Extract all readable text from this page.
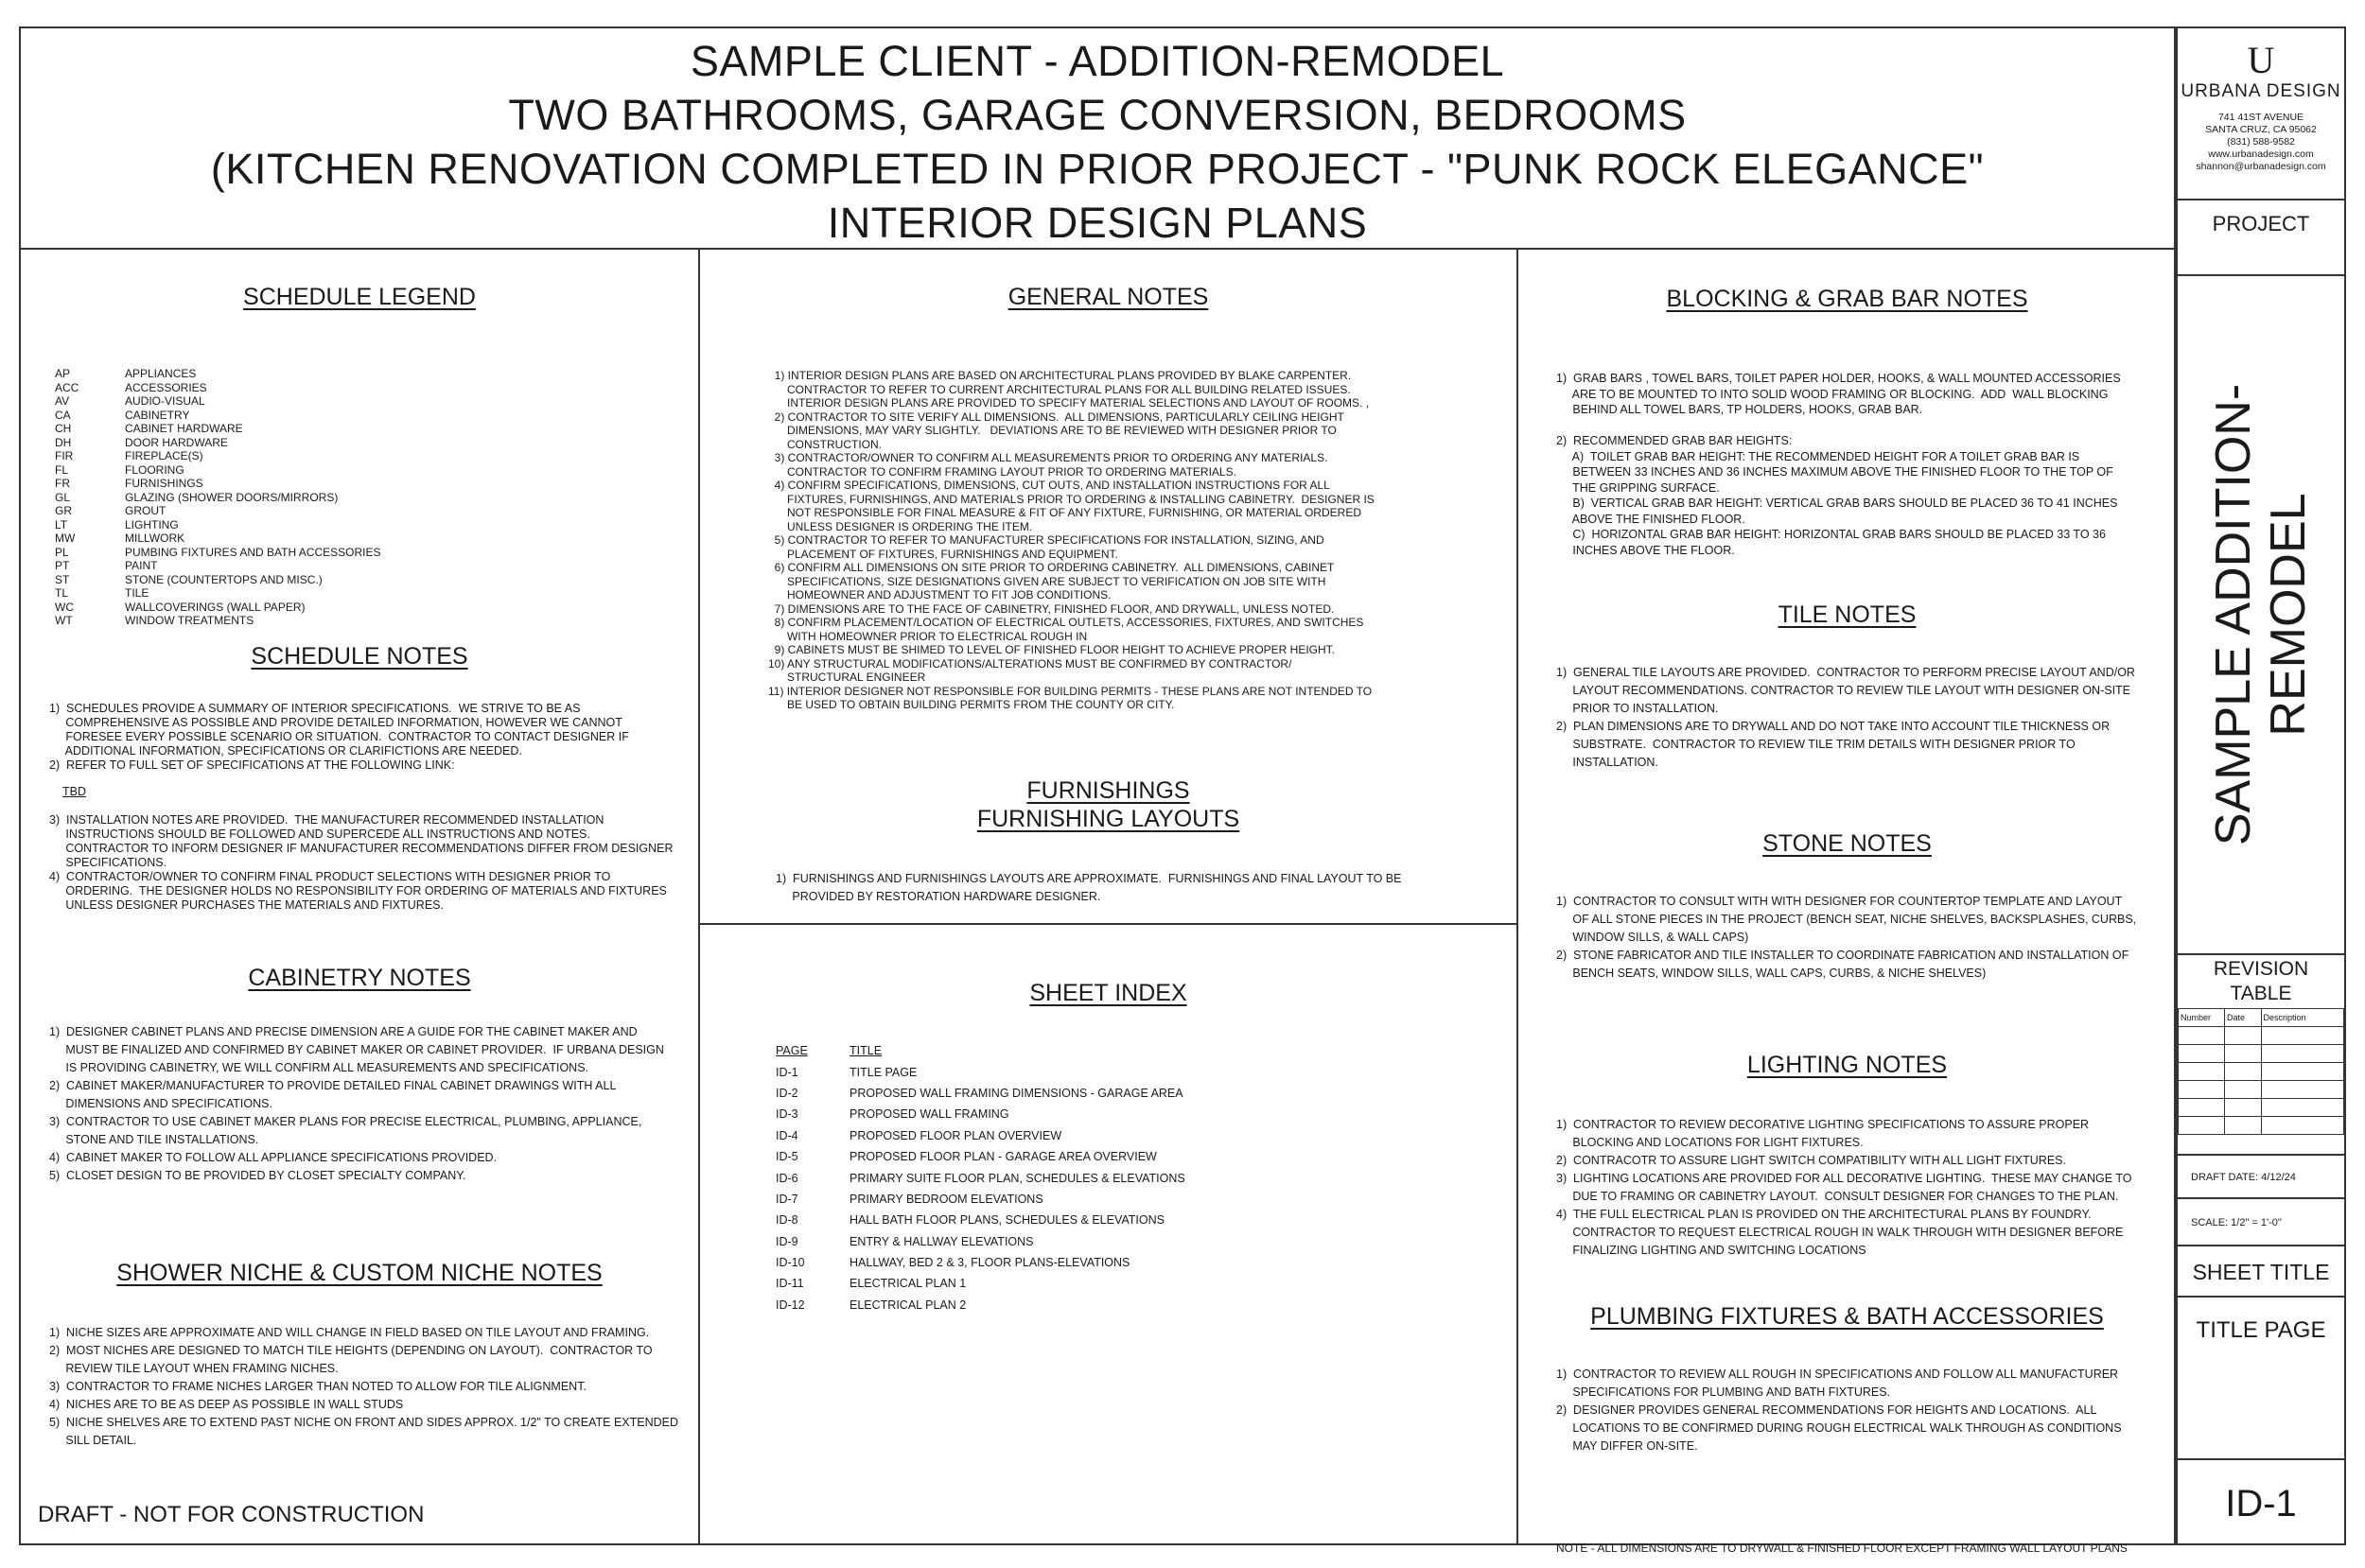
SAMPLE CLIENT - ADDITION-REMODEL
TWO BATHROOMS, GARAGE CONVERSION, BEDROOMS
(KITCHEN RENOVATION COMPLETED IN PRIOR PROJECT - "PUNK ROCK ELEGANCE"
INTERIOR DESIGN PLANS
SCHEDULE LEGEND
AP	APPLIANCES
ACC	ACCESSORIES
AV	AUDIO-VISUAL
CA	CABINETRY
CH	CABINET HARDWARE
DH	DOOR HARDWARE
FIR	FIREPLACE(S)
FL	FLOORING
FR	FURNISHINGS
GL	GLAZING (SHOWER DOORS/MIRRORS)
GR	GROUT
LT	LIGHTING
MW	MILLWORK
PL	PUMBING FIXTURES AND BATH ACCESSORIES
PT	PAINT
ST	STONE (COUNTERTOPS AND MISC.)
TL	TILE
WC	WALLCOVERINGS (WALL PAPER)
WT	WINDOW TREATMENTS
SCHEDULE NOTES
1)  SCHEDULES PROVIDE A SUMMARY OF INTERIOR SPECIFICATIONS.  WE STRIVE TO BE AS
COMPREHENSIVE AS POSSIBLE AND PROVIDE DETAILED INFORMATION, HOWEVER WE CANNOT
FORESEE EVERY POSSIBLE SCENARIO OR SITUATION.  CONTRACTOR TO CONTACT DESIGNER IF
ADDITIONAL INFORMATION, SPECIFICATIONS OR CLARIFICTIONS ARE NEEDED.
2)  REFER TO FULL SET OF SPECIFICATIONS AT THE FOLLOWING LINK:
TBD
3)  INSTALLATION NOTES ARE PROVIDED.  THE MANUFACTURER RECOMMENDED INSTALLATION
INSTRUCTIONS SHOULD BE FOLLOWED AND SUPERCEDE ALL INSTRUCTIONS AND NOTES.
CONTRACTOR TO INFORM DESIGNER IF MANUFACTURER RECOMMENDATIONS DIFFER FROM DESIGNER
SPECIFICATIONS.
4)  CONTRACTOR/OWNER TO CONFIRM FINAL PRODUCT SELECTIONS WITH DESIGNER PRIOR TO
ORDERING.  THE DESIGNER HOLDS NO RESPONSIBILITY FOR ORDERING OF MATERIALS AND FIXTURES
UNLESS DESIGNER PURCHASES THE MATERIALS AND FIXTURES.
CABINETRY NOTES
1)  DESIGNER CABINET PLANS AND PRECISE DIMENSION ARE A GUIDE FOR THE CABINET MAKER AND
MUST BE FINALIZED AND CONFIRMED BY CABINET MAKER OR CABINET PROVIDER.  IF URBANA DESIGN
IS PROVIDING CABINETRY, WE WILL CONFIRM ALL MEASUREMENTS AND SPECIFICATIONS.
2)  CABINET MAKER/MANUFACTURER TO PROVIDE DETAILED FINAL CABINET DRAWINGS WITH ALL
DIMENSIONS AND SPECIFICATIONS.
3)  CONTRACTOR TO USE CABINET MAKER PLANS FOR PRECISE ELECTRICAL, PLUMBING, APPLIANCE,
STONE AND TILE INSTALLATIONS.
4)  CABINET MAKER TO FOLLOW ALL APPLIANCE SPECIFICATIONS PROVIDED.
5)  CLOSET DESIGN TO BE PROVIDED BY CLOSET SPECIALTY COMPANY.
SHOWER NICHE & CUSTOM NICHE NOTES
1)  NICHE SIZES ARE APPROXIMATE AND WILL CHANGE IN FIELD BASED ON TILE LAYOUT AND FRAMING.
2)  MOST NICHES ARE DESIGNED TO MATCH TILE HEIGHTS (DEPENDING ON LAYOUT).  CONTRACTOR TO
REVIEW TILE LAYOUT WHEN FRAMING NICHES.
3)  CONTRACTOR TO FRAME NICHES LARGER THAN NOTED TO ALLOW FOR TILE ALIGNMENT.
4)  NICHES ARE TO BE AS DEEP AS POSSIBLE IN WALL STUDS
5)  NICHE SHELVES ARE TO EXTEND PAST NICHE ON FRONT AND SIDES APPROX. 1/2" TO CREATE EXTENDED
SILL DETAIL.
DRAFT - NOT FOR CONSTRUCTION
GENERAL NOTES
1) INTERIOR DESIGN PLANS ARE BASED ON ARCHITECTURAL PLANS PROVIDED BY BLAKE CARPENTER.
CONTRACTOR TO REFER TO CURRENT ARCHITECTURAL PLANS FOR ALL BUILDING RELATED ISSUES.
INTERIOR DESIGN PLANS ARE PROVIDED TO SPECIFY MATERIAL SELECTIONS AND LAYOUT OF ROOMS. ,
2) CONTRACTOR TO SITE VERIFY ALL DIMENSIONS.  ALL DIMENSIONS, PARTICULARLY CEILING HEIGHT
DIMENSIONS, MAY VARY SLIGHTLY.   DEVIATIONS ARE TO BE REVIEWED WITH DESIGNER PRIOR TO
CONSTRUCTION.
3) CONTRACTOR/OWNER TO CONFIRM ALL MEASUREMENTS PRIOR TO ORDERING ANY MATERIALS.
CONTRACTOR TO CONFIRM FRAMING LAYOUT PRIOR TO ORDERING MATERIALS.
4) CONFIRM SPECIFICATIONS, DIMENSIONS, CUT OUTS, AND INSTALLATION INSTRUCTIONS FOR ALL
FIXTURES, FURNISHINGS, AND MATERIALS PRIOR TO ORDERING & INSTALLING CABINETRY.  DESIGNER IS
NOT RESPONSIBLE FOR FINAL MEASURE & FIT OF ANY FIXTURE, FURNISHING, OR MATERIAL ORDERED
UNLESS DESIGNER IS ORDERING THE ITEM.
5) CONTRACTOR TO REFER TO MANUFACTURER SPECIFICATIONS FOR INSTALLATION, SIZING, AND
PLACEMENT OF FIXTURES, FURNISHINGS AND EQUIPMENT.
6) CONFIRM ALL DIMENSIONS ON SITE PRIOR TO ORDERING CABINETRY.  ALL DIMENSIONS, CABINET
SPECIFICATIONS, SIZE DESIGNATIONS GIVEN ARE SUBJECT TO VERIFICATION ON JOB SITE WITH
HOMEOWNER AND ADJUSTMENT TO FIT JOB CONDITIONS.
7) DIMENSIONS ARE TO THE FACE OF CABINETRY, FINISHED FLOOR, AND DRYWALL, UNLESS NOTED.
8) CONFIRM PLACEMENT/LOCATION OF ELECTRICAL OUTLETS, ACCESSORIES, FIXTURES, AND SWITCHES
WITH HOMEOWNER PRIOR TO ELECTRICAL ROUGH IN
9) CABINETS MUST BE SHIMED TO LEVEL OF FINISHED FLOOR HEIGHT TO ACHIEVE PROPER HEIGHT.
10) ANY STRUCTURAL MODIFICATIONS/ALTERATIONS MUST BE CONFIRMED BY CONTRACTOR/
STRUCTURAL ENGINEER
11) INTERIOR DESIGNER NOT RESPONSIBLE FOR BUILDING PERMITS - THESE PLANS ARE NOT INTENDED TO
BE USED TO OBTAIN BUILDING PERMITS FROM THE COUNTY OR CITY.
FURNISHINGS
FURNISHING LAYOUTS
1)  FURNISHINGS AND FURNISHINGS LAYOUTS ARE APPROXIMATE.  FURNISHINGS AND FINAL LAYOUT TO BE
PROVIDED BY RESTORATION HARDWARE DESIGNER.
SHEET INDEX
PAGE	TITLE
ID-1	TITLE PAGE
ID-2	PROPOSED WALL FRAMING DIMENSIONS - GARAGE AREA
ID-3	PROPOSED WALL FRAMING
ID-4	PROPOSED FLOOR PLAN OVERVIEW
ID-5	PROPOSED FLOOR PLAN - GARAGE AREA OVERVIEW
ID-6	PRIMARY SUITE FLOOR PLAN, SCHEDULES & ELEVATIONS
ID-7	PRIMARY BEDROOM ELEVATIONS
ID-8	HALL BATH FLOOR PLANS, SCHEDULES & ELEVATIONS
ID-9	ENTRY & HALLWAY ELEVATIONS
ID-10	HALLWAY, BED 2 & 3, FLOOR PLANS-ELEVATIONS
ID-11	ELECTRICAL PLAN 1
ID-12	ELECTRICAL PLAN 2
BLOCKING & GRAB BAR NOTES
1)  GRAB BARS , TOWEL BARS, TOILET PAPER HOLDER, HOOKS, & WALL MOUNTED ACCESSORIES
ARE TO BE MOUNTED TO INTO SOLID WOOD FRAMING OR BLOCKING.  ADD  WALL BLOCKING
BEHIND ALL TOWEL BARS, TP HOLDERS, HOOKS, GRAB BAR.

2)  RECOMMENDED GRAB BAR HEIGHTS:
A)  TOILET GRAB BAR HEIGHT: THE RECOMMENDED HEIGHT FOR A TOILET GRAB BAR IS
BETWEEN 33 INCHES AND 36 INCHES MAXIMUM ABOVE THE FINISHED FLOOR TO THE TOP OF
THE GRIPPING SURFACE.
B)  VERTICAL GRAB BAR HEIGHT: VERTICAL GRAB BARS SHOULD BE PLACED 36 TO 41 INCHES
ABOVE THE FINISHED FLOOR.
C)  HORIZONTAL GRAB BAR HEIGHT: HORIZONTAL GRAB BARS SHOULD BE PLACED 33 TO 36
INCHES ABOVE THE FLOOR.
TILE NOTES
1)  GENERAL TILE LAYOUTS ARE PROVIDED.  CONTRACTOR TO PERFORM PRECISE LAYOUT AND/OR
LAYOUT RECOMMENDATIONS. CONTRACTOR TO REVIEW TILE LAYOUT WITH DESIGNER ON-SITE
PRIOR TO INSTALLATION.
2)  PLAN DIMENSIONS ARE TO DRYWALL AND DO NOT TAKE INTO ACCOUNT TILE THICKNESS OR
SUBSTRATE.  CONTRACTOR TO REVIEW TILE TRIM DETAILS WITH DESIGNER PRIOR TO
INSTALLATION.
STONE NOTES
1)  CONTRACTOR TO CONSULT WITH WITH DESIGNER FOR COUNTERTOP TEMPLATE AND LAYOUT
OF ALL STONE PIECES IN THE PROJECT (BENCH SEAT, NICHE SHELVES, BACKSPLASHES, CURBS,
WINDOW SILLS, & WALL CAPS)
2)  STONE FABRICATOR AND TILE INSTALLER TO COORDINATE FABRICATION AND INSTALLATION OF
BENCH SEATS, WINDOW SILLS, WALL CAPS, CURBS, & NICHE SHELVES)
LIGHTING NOTES
1)  CONTRACTOR TO REVIEW DECORATIVE LIGHTING SPECIFICATIONS TO ASSURE PROPER
BLOCKING AND LOCATIONS FOR LIGHT FIXTURES.
2)  CONTRACOTR TO ASSURE LIGHT SWITCH COMPATIBILITY WITH ALL LIGHT FIXTURES.
3)  LIGHTING LOCATIONS ARE PROVIDED FOR ALL DECORATIVE LIGHTING.  THESE MAY CHANGE TO
DUE TO FRAMING OR CABINETRY LAYOUT.  CONSULT DESIGNER FOR CHANGES TO THE PLAN.
4)  THE FULL ELECTRICAL PLAN IS PROVIDED ON THE ARCHITECTURAL PLANS BY FOUNDRY.
CONTRACTOR TO REQUEST ELECTRICAL ROUGH IN WALK THROUGH WITH DESIGNER BEFORE
FINALIZING LIGHTING AND SWITCHING LOCATIONS
PLUMBING FIXTURES & BATH ACCESSORIES
1)  CONTRACTOR TO REVIEW ALL ROUGH IN SPECIFICATIONS AND FOLLOW ALL MANUFACTURER
SPECIFICATIONS FOR PLUMBING AND BATH FIXTURES.
2)  DESIGNER PROVIDES GENERAL RECOMMENDATIONS FOR HEIGHTS AND LOCATIONS.  ALL
LOCATIONS TO BE CONFIRMED DURING ROUGH ELECTRICAL WALK THROUGH AS CONDITIONS
MAY DIFFER ON-SITE.
NOTE - ALL DIMENSIONS ARE TO DRYWALL & FINISHED FLOOR EXCEPT FRAMING WALL LAYOUT PLANS
U
URBANA DESIGN
741 41ST AVENUE
SANTA CRUZ, CA 95062
(831) 588-9582
www.urbanadesign.com
shannon@urbanadesign.com
PROJECT
SAMPLE ADDITION- REMODEL
REVISION
TABLE
Number	Date	Description

DRAFT DATE: 4/12/24
SCALE: 1/2" = 1'-0"
SHEET TITLE
TITLE PAGE
ID-1
